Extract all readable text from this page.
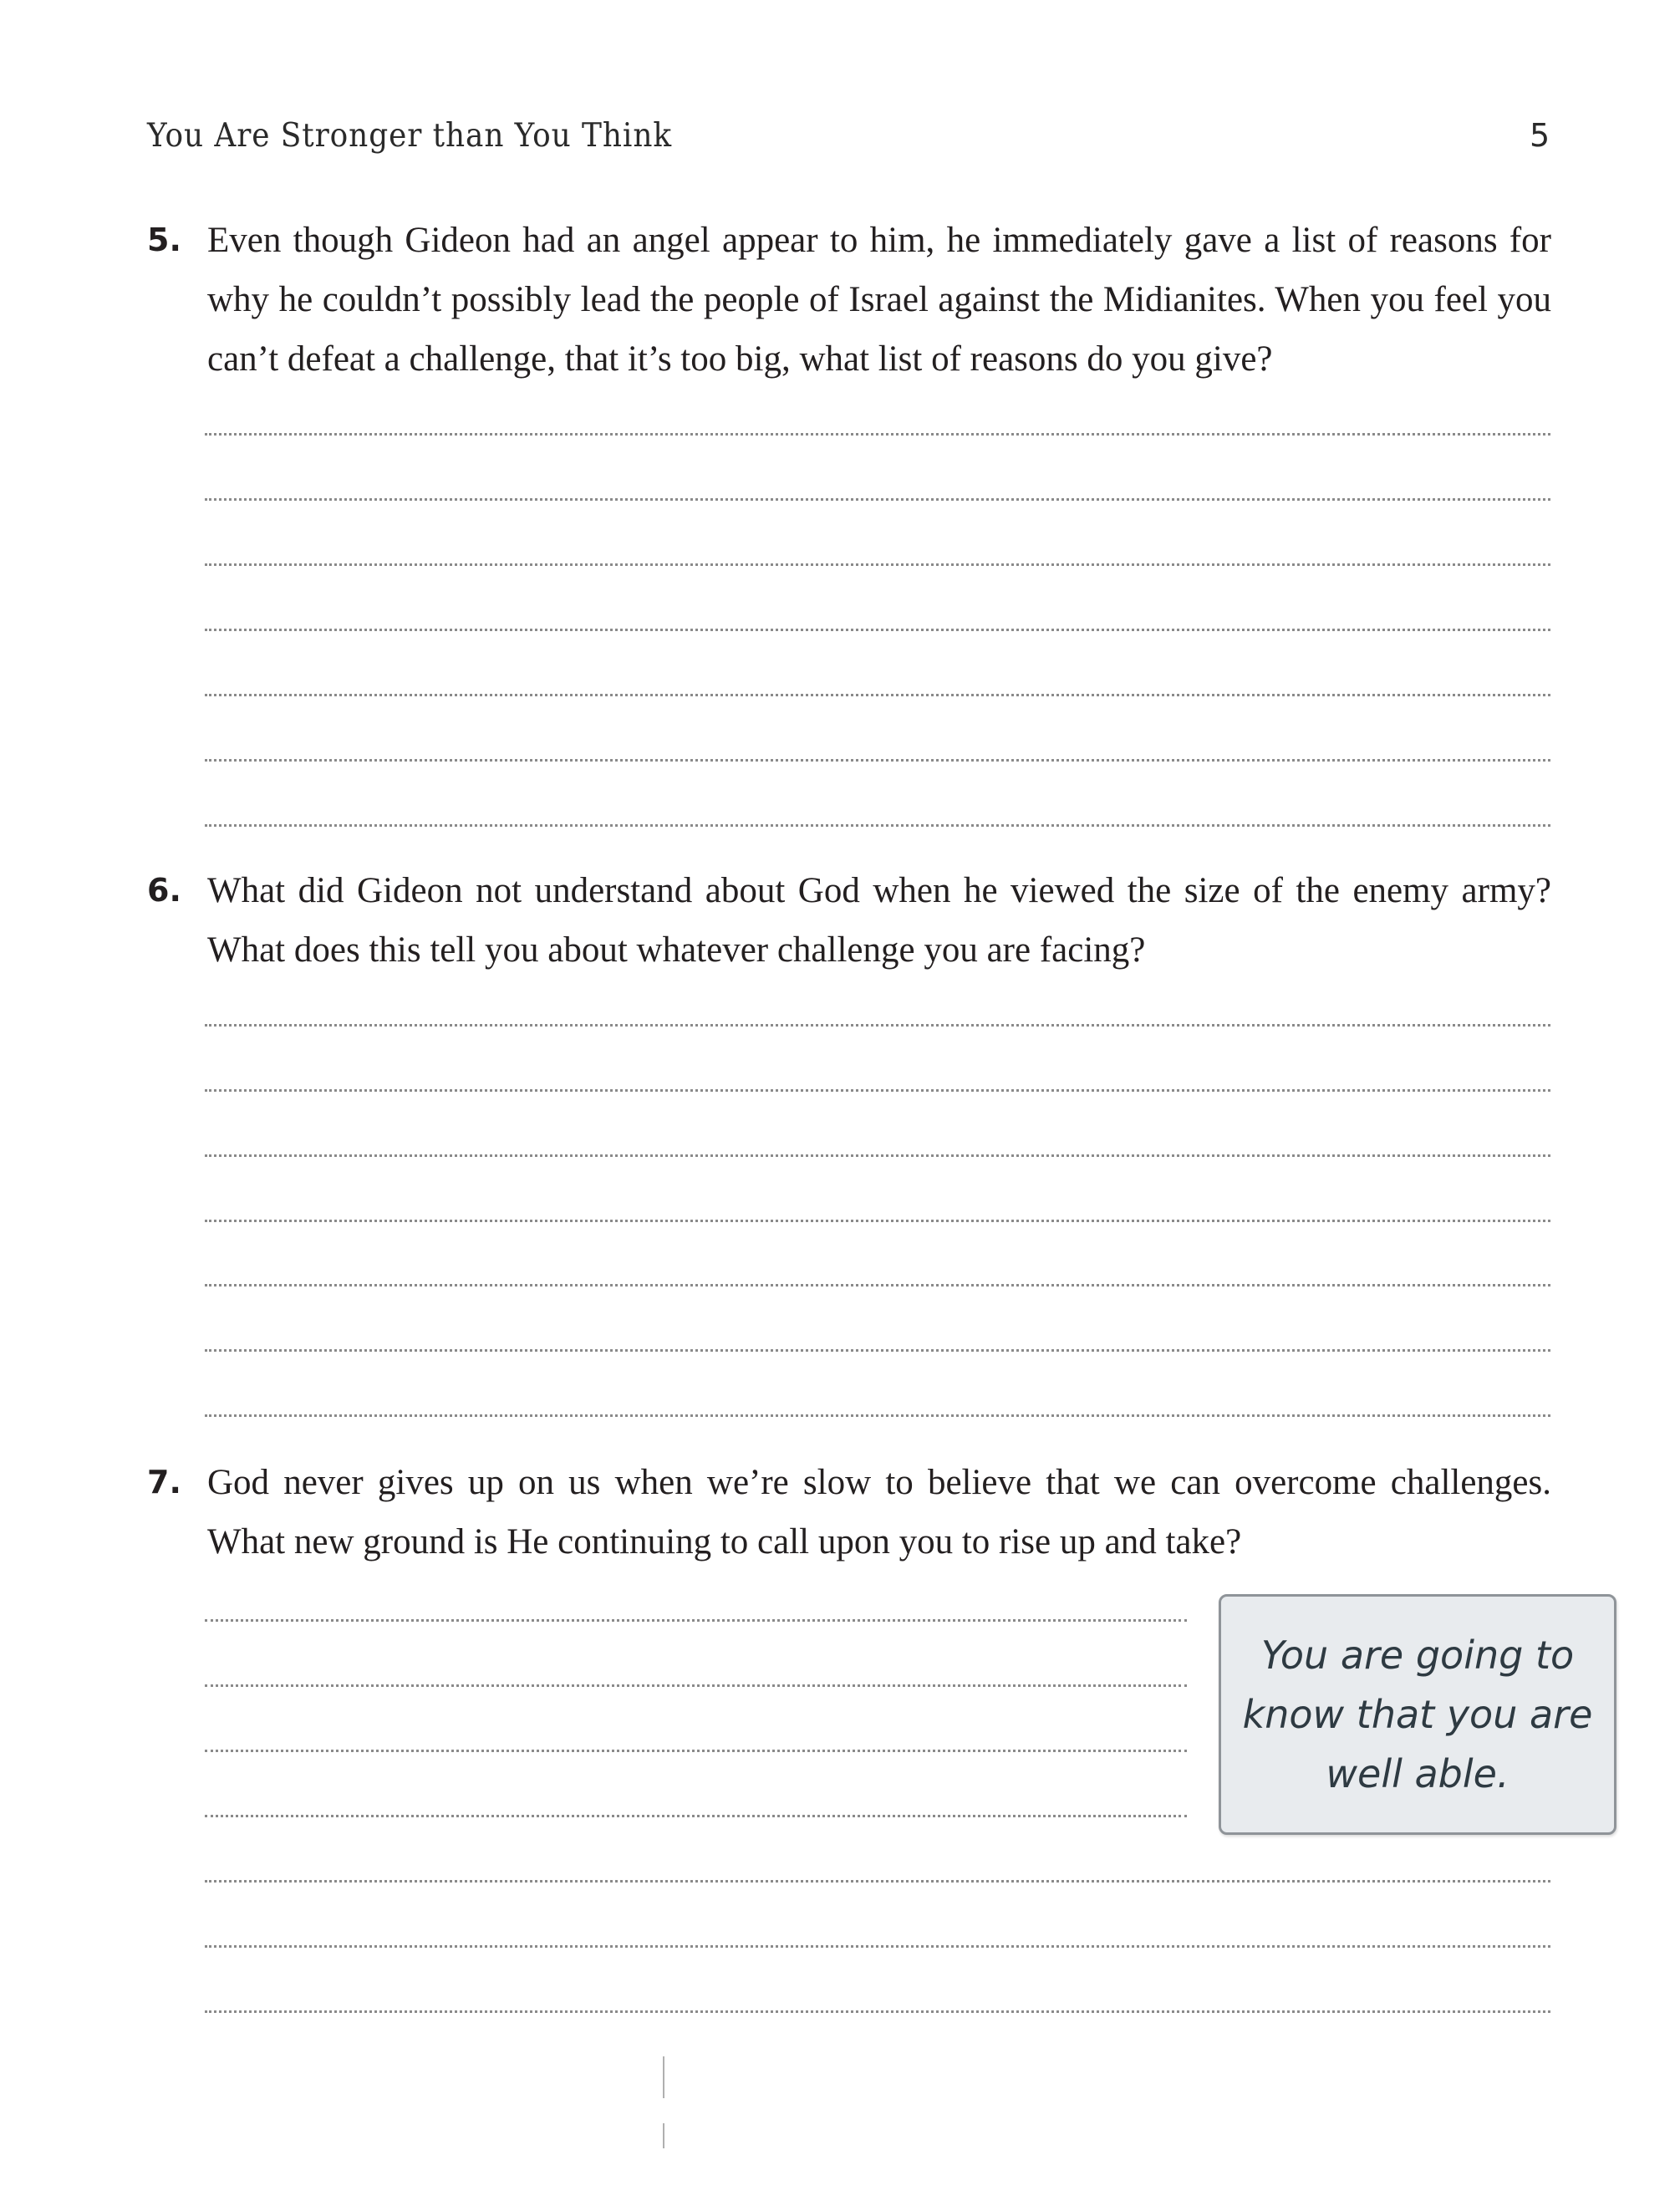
You Are Stronger than You Think	5
5. Even though Gideon had an angel appear to him, he immediately gave a list of reasons for why he couldn’t possibly lead the people of Israel against the Midianites. When you feel you can’t defeat a challenge, that it’s too big, what list of reasons do you give?
6. What did Gideon not understand about God when he viewed the size of the enemy army? What does this tell you about whatever challenge you are facing?
7. God never gives up on us when we’re slow to believe that we can overcome challenges. What new ground is He continuing to call upon you to rise up and take?
You are going to know that you are well able.
